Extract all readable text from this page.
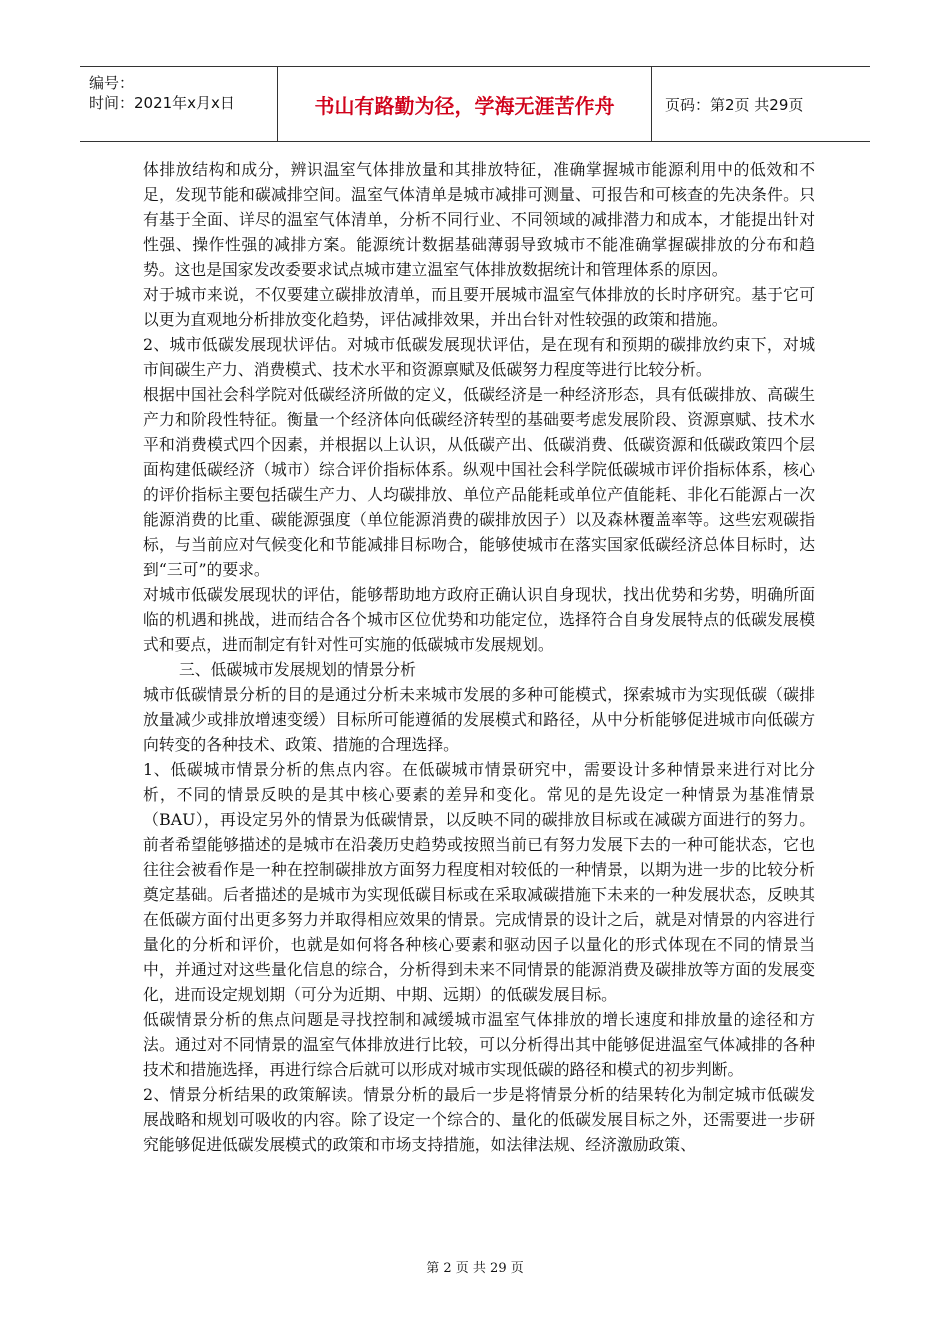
编号：
时间：2021年x月x日	书山有路勤为径，学海无涯苦作舟	页码：第2页 共29页

体排放结构和成分，辨识温室气体排放量和其排放特征，准确掌握城市能源利用中的低效和不足，发现节能和碳减排空间。温室气体清单是城市减排可测量、可报告和可核查的先决条件。只有基于全面、详尽的温室气体清单，分析不同行业、不同领域的减排潜力和成本，才能提出针对性强、操作性强的减排方案。能源统计数据基础薄弱导致城市不能准确掌握碳排放的分布和趋势。这也是国家发改委要求试点城市建立温室气体排放数据统计和管理体系的原因。

对于城市来说，不仅要建立碳排放清单，而且要开展城市温室气体排放的长时序研究。基于它可以更为直观地分析排放变化趋势，评估减排效果，并出台针对性较强的政策和措施。

2、城市低碳发展现状评估。对城市低碳发展现状评估，是在现有和预期的碳排放约束下，对城市间碳生产力、消费模式、技术水平和资源禀赋及低碳努力程度等进行比较分析。

根据中国社会科学院对低碳经济所做的定义，低碳经济是一种经济形态，具有低碳排放、高碳生产力和阶段性特征。衡量一个经济体向低碳经济转型的基础要考虑发展阶段、资源禀赋、技术水平和消费模式四个因素，并根据以上认识，从低碳产出、低碳消费、低碳资源和低碳政策四个层面构建低碳经济（城市）综合评价指标体系。纵观中国社会科学院低碳城市评价指标体系，核心的评价指标主要包括碳生产力、人均碳排放、单位产品能耗或单位产值能耗、非化石能源占一次能源消费的比重、碳能源强度（单位能源消费的碳排放因子）以及森林覆盖率等。这些宏观碳指标，与当前应对气候变化和节能减排目标吻合，能够使城市在落实国家低碳经济总体目标时，达到“三可”的要求。

对城市低碳发展现状的评估，能够帮助地方政府正确认识自身现状，找出优势和劣势，明确所面临的机遇和挑战，进而结合各个城市区位优势和功能定位，选择符合自身发展特点的低碳发展模式和要点，进而制定有针对性可实施的低碳城市发展规划。

三、低碳城市发展规划的情景分析

城市低碳情景分析的目的是通过分析未来城市发展的多种可能模式，探索城市为实现低碳（碳排放量减少或排放增速变缓）目标所可能遵循的发展模式和路径，从中分析能够促进城市向低碳方向转变的各种技术、政策、措施的合理选择。

1、低碳城市情景分析的焦点内容。在低碳城市情景研究中，需要设计多种情景来进行对比分析，不同的情景反映的是其中核心要素的差异和变化。常见的是先设定一种情景为基准情景（BAU），再设定另外的情景为低碳情景，以反映不同的碳排放目标或在减碳方面进行的努力。前者希望能够描述的是城市在沿袭历史趋势或按照当前已有努力发展下去的一种可能状态，它也往往会被看作是一种在控制碳排放方面努力程度相对较低的一种情景，以期为进一步的比较分析奠定基础。后者描述的是城市为实现低碳目标或在采取减碳措施下未来的一种发展状态，反映其在低碳方面付出更多努力并取得相应效果的情景。完成情景的设计之后，就是对情景的内容进行量化的分析和评价，也就是如何将各种核心要素和驱动因子以量化的形式体现在不同的情景当中，并通过对这些量化信息的综合，分析得到未来不同情景的能源消费及碳排放等方面的发展变化，进而设定规划期（可分为近期、中期、远期）的低碳发展目标。

低碳情景分析的焦点问题是寻找控制和减缓城市温室气体排放的增长速度和排放量的途径和方法。通过对不同情景的温室气体排放进行比较，可以分析得出其中能够促进温室气体减排的各种技术和措施选择，再进行综合后就可以形成对城市实现低碳的路径和模式的初步判断。

2、情景分析结果的政策解读。情景分析的最后一步是将情景分析的结果转化为制定城市低碳发展战略和规划可吸收的内容。除了设定一个综合的、量化的低碳发展目标之外，还需要进一步研究能够促进低碳发展模式的政策和市场支持措施，如法律法规、经济激励政策、

第 2 页 共 29 页
